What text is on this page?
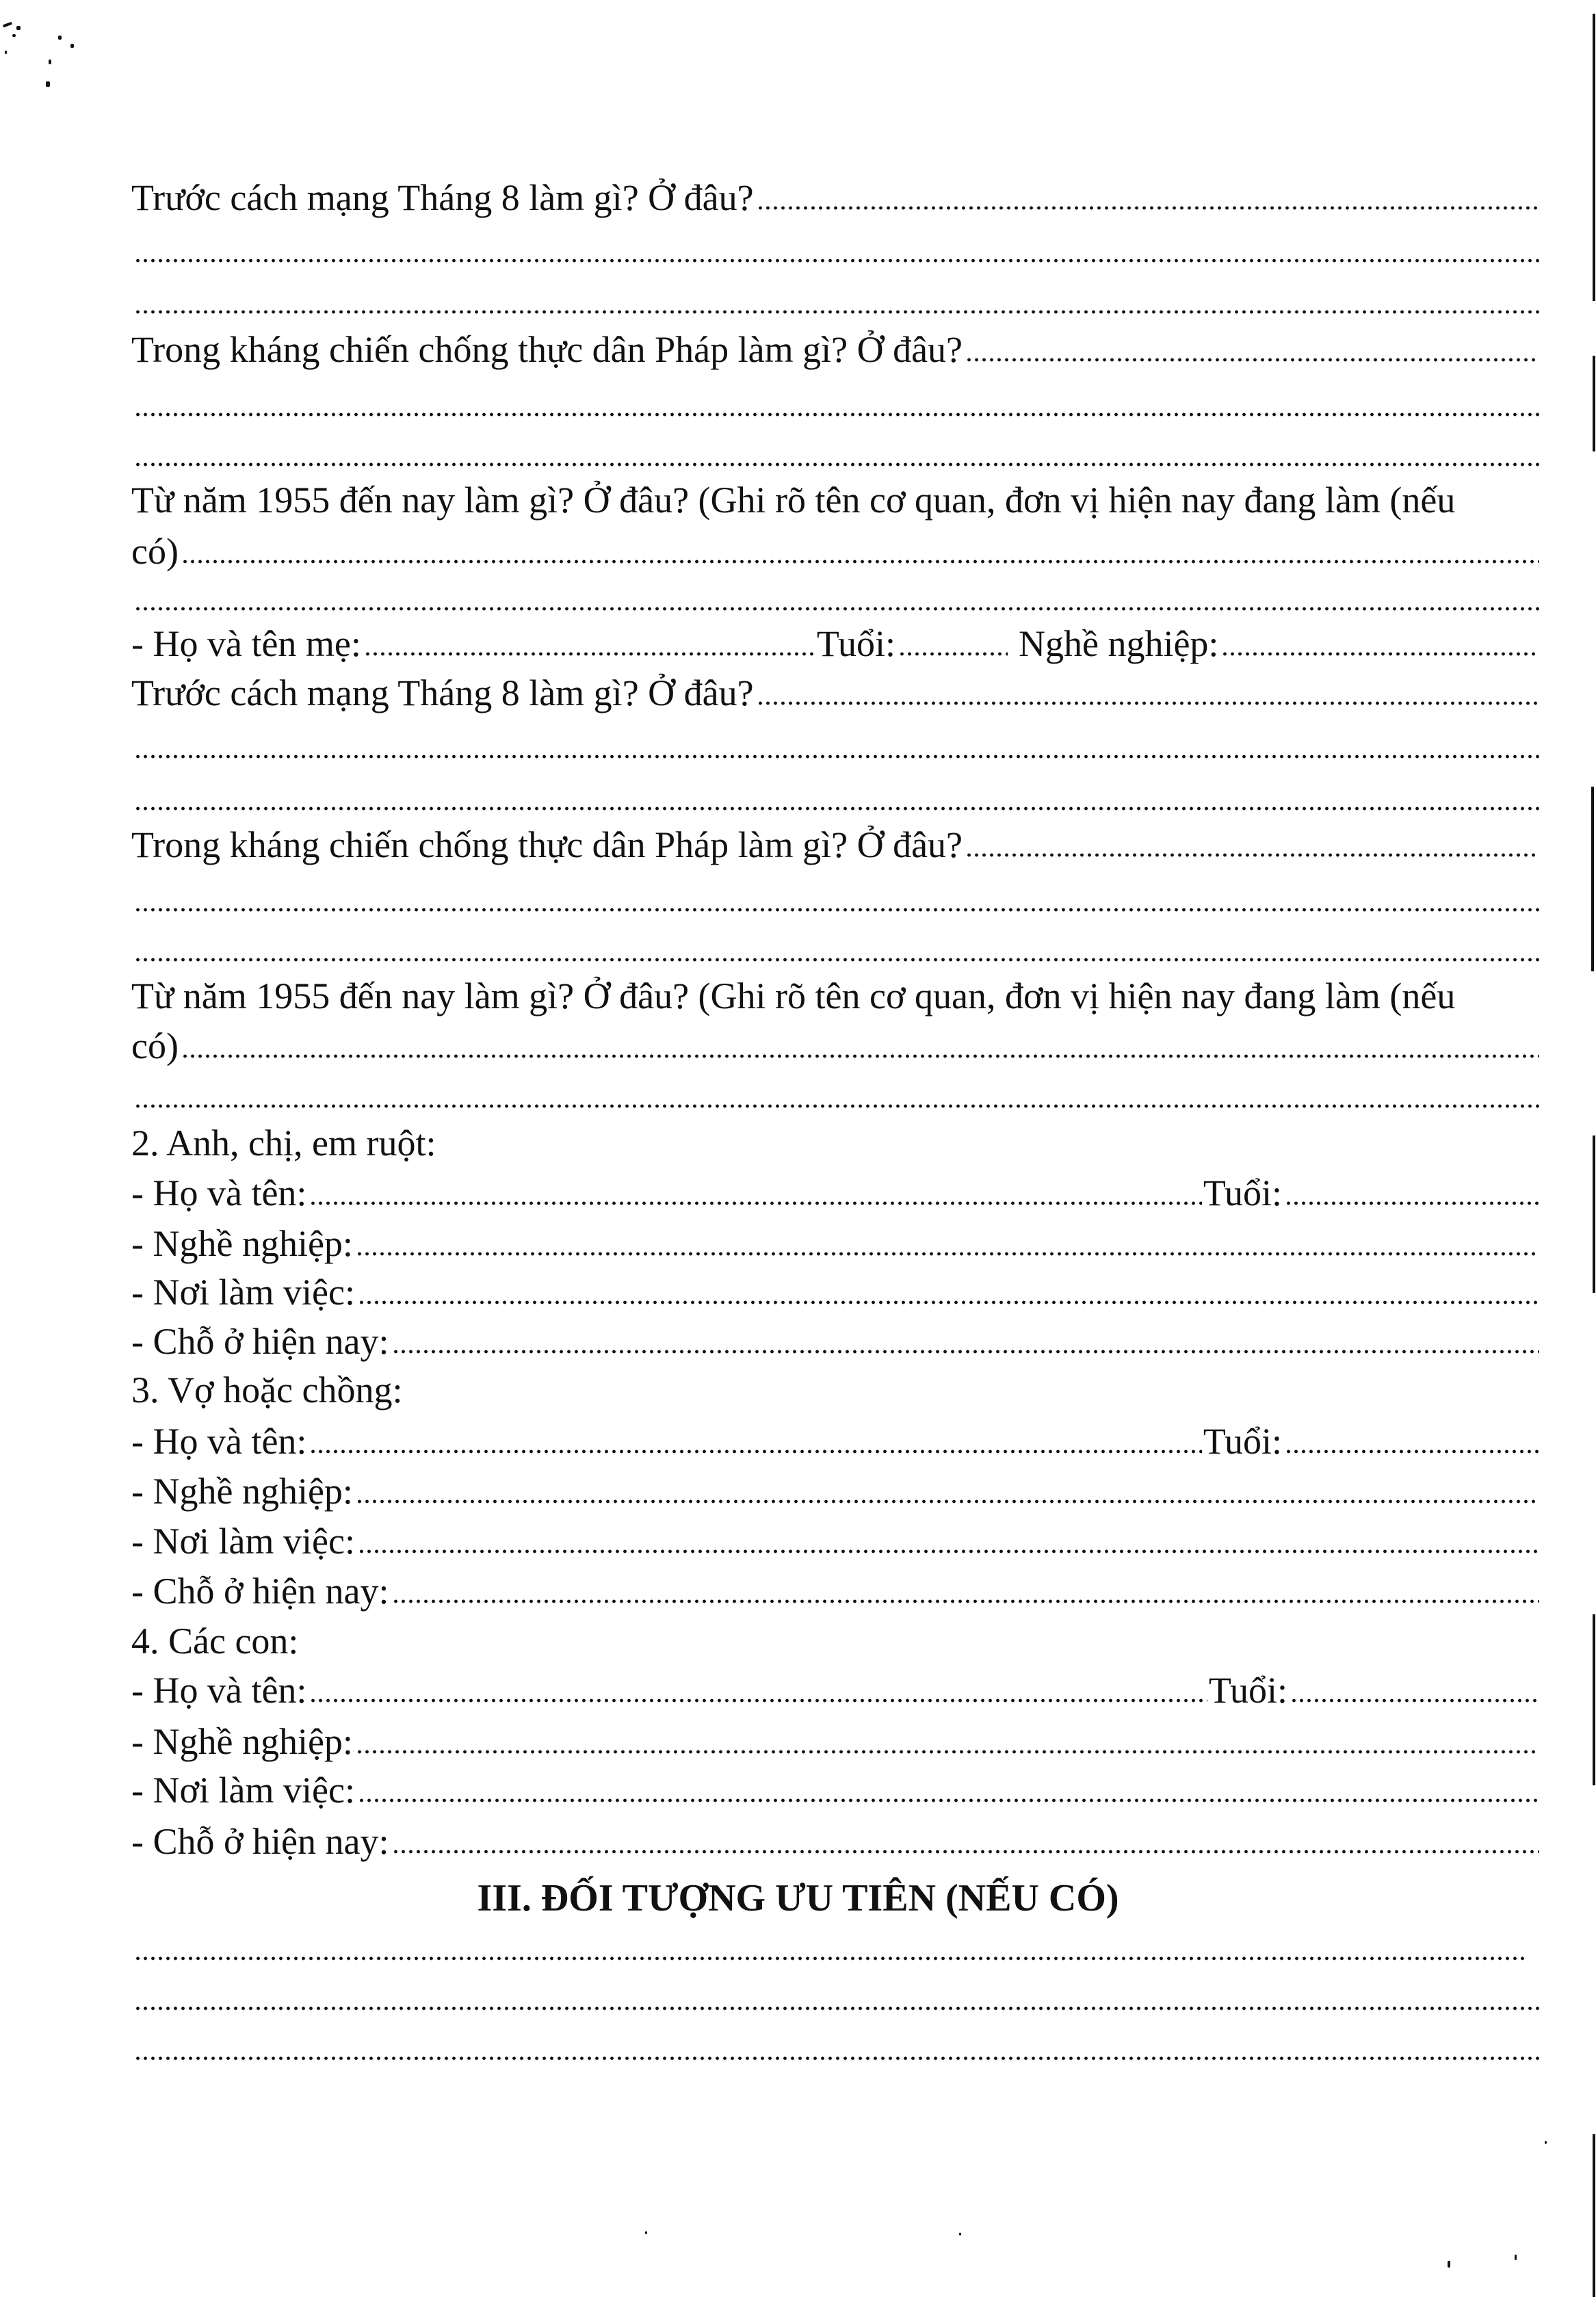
Trước cách mạng Tháng 8 làm gì? Ở đâu?
Trong kháng chiến chống thực dân Pháp làm gì? Ở đâu?
Từ năm 1955 đến nay làm gì? Ở đâu? (Ghi rõ tên cơ quan, đơn vị hiện nay đang làm (nếu
có)
- Họ và tên mẹ:	Tuổi:	Nghề nghiệp:
Trước cách mạng Tháng 8 làm gì? Ở đâu?
Trong kháng chiến chống thực dân Pháp làm gì? Ở đâu?
Từ năm 1955 đến nay làm gì? Ở đâu? (Ghi rõ tên cơ quan, đơn vị hiện nay đang làm (nếu
có)
2. Anh, chị, em ruột:
- Họ và tên:	Tuổi:
- Nghề nghiệp:
- Nơi làm việc:
- Chỗ ở hiện nay:
3. Vợ hoặc chồng:
- Họ và tên:	Tuổi:
- Nghề nghiệp:
- Nơi làm việc:
- Chỗ ở hiện nay:
4. Các con:
- Họ và tên:	Tuổi:
- Nghề nghiệp:
- Nơi làm việc:
- Chỗ ở hiện nay:
III. ĐỐI TƯỢNG ƯU TIÊN (NẾU CÓ)
